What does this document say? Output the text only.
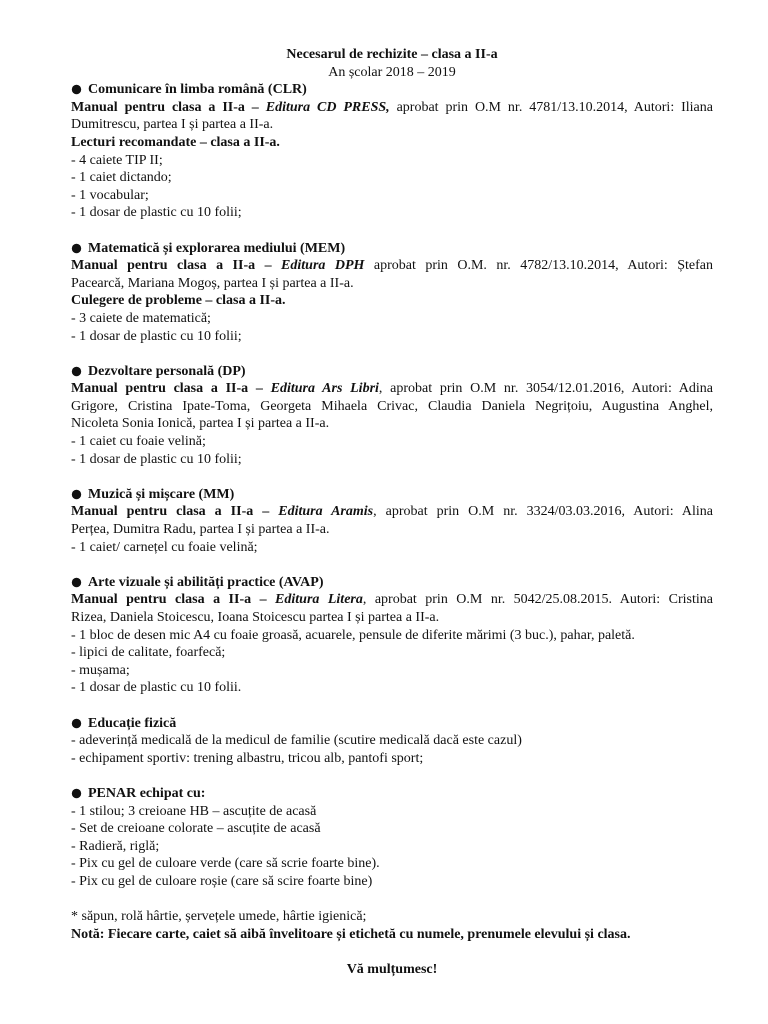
Necesarul de rechizite – clasa a II-a
An școlar 2018 – 2019
Comunicare în limba română (CLR)
Manual pentru clasa a II-a – Editura CD PRESS, aprobat prin O.M nr. 4781/13.10.2014, Autori: Iliana
Dumitrescu, partea I și partea a II-a.
Lecturi recomandate – clasa a II-a.
- 4 caiete TIP II;
- 1 caiet dictando;
- 1 vocabular;
- 1 dosar de plastic cu 10 folii;
Matematică și explorarea mediului (MEM)
Manual pentru clasa a II-a – Editura DPH aprobat prin O.M. nr. 4782/13.10.2014, Autori: Ștefan
Pacearcă, Mariana Mogoș, partea I și partea a II-a.
Culegere de probleme – clasa a II-a.
- 3 caiete de matematică;
- 1 dosar de plastic cu 10 folii;
Dezvoltare personală (DP)
Manual pentru clasa a II-a – Editura Ars Libri, aprobat prin O.M nr. 3054/12.01.2016, Autori: Adina
Grigore, Cristina Ipate-Toma, Georgeta Mihaela Crivac, Claudia Daniela Negrițoiu, Augustina Anghel,
Nicoleta Sonia Ionică, partea I și partea a II-a.
- 1 caiet cu foaie velină;
- 1 dosar de plastic cu 10 folii;
Muzică și mișcare (MM)
Manual pentru clasa a II-a – Editura Aramis, aprobat prin O.M nr. 3324/03.03.2016, Autori: Alina
Perțea, Dumitra Radu, partea I și partea a II-a.
- 1 caiet/ carnețel cu foaie velină;
Arte vizuale și abilități practice (AVAP)
Manual pentru clasa a II-a – Editura Litera, aprobat prin O.M nr. 5042/25.08.2015. Autori: Cristina
Rizea, Daniela Stoicescu, Ioana Stoicescu partea I și partea a II-a.
- 1 bloc de desen mic A4 cu foaie groasă, acuarele, pensule de diferite mărimi (3 buc.), pahar, paletă.
- lipici de calitate, foarfecă;
- mușama;
- 1 dosar de plastic cu 10 folii.
Educație fizică
- adeverință medicală de la medicul de familie (scutire medicală dacă este cazul)
- echipament sportiv: trening albastru, tricou alb, pantofi sport;
PENAR echipat cu:
- 1 stilou; 3 creioane HB – ascuțite de acasă
- Set de creioane colorate – ascuțite de acasă
- Radieră, riglă;
- Pix cu gel de culoare verde (care să scrie foarte bine).
- Pix cu gel de culoare roșie (care să scire foarte bine)
* săpun, rolă hârtie, șervețele umede, hârtie igienică;
Notă: Fiecare carte, caiet să aibă învelitoare și etichetă cu numele, prenumele elevului și clasa.
Vă mulțumesc!
